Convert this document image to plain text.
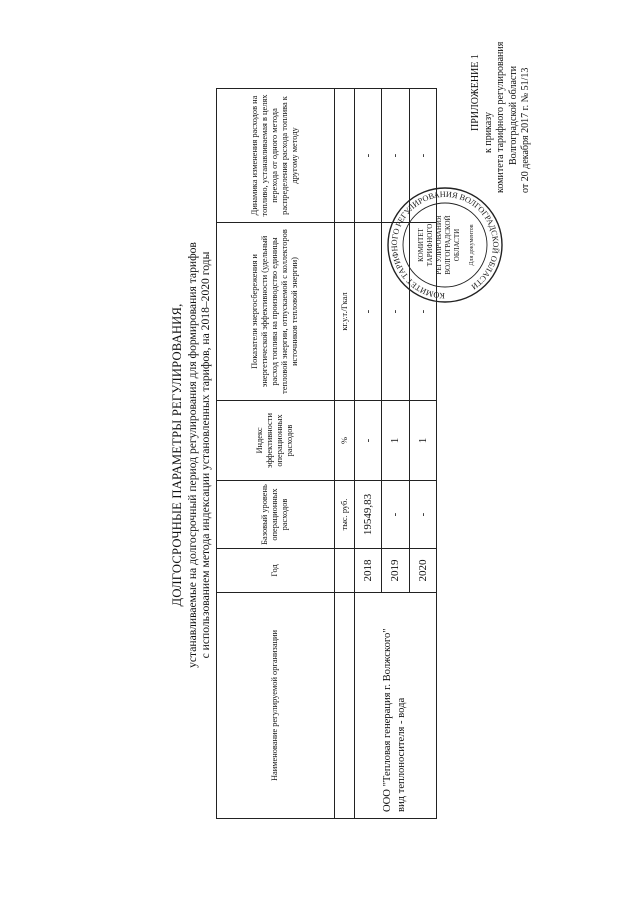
ПРИЛОЖЕНИЕ 1
к приказу комитета тарифного регулирования Волгоградской области от 20 декабря 2017 г. № 51/13
КОМИТЕТ ТАРИФНОГО РЕГУЛИРОВАНИЯ ВОЛГОГРАДСКОЙ ОБЛАСТИ
КОМИТЕТ ТАРИФНОГО РЕГУЛИРОВАНИЯ ВОЛГОГРАДСКОЙ ОБЛАСТИ Для документов
ДОЛГОСРОЧНЫЕ ПАРАМЕТРЫ РЕГУЛИРОВАНИЯ, устанавливаемые на долгосрочный период регулирования для формирования тарифов с использованием метода индексации установленных тарифов, на 2018–2020 годы
Наименование регулируемой организации	Год	Базовый уровень операционных расходов	Индекс эффективности операционных расходов	Показатели энергосбережения и энергетической эффективности (удельный расход топлива на производство единицы тепловой энергии, отпускаемой с коллекторов источников тепловой энергии)	Динамика изменения расходов на топливо, устанавливаемая в целях перехода от одного метода распределения расхода топлива к другому методу
		тыс. руб.	%	кг.у.т./Гкал	

ООО "Тепловая генерация г. Волжского" вид теплоносителя - вода	2018	19549,83	-	-	-
	2019	-	1	-	-
	2020	-	1	-	-
